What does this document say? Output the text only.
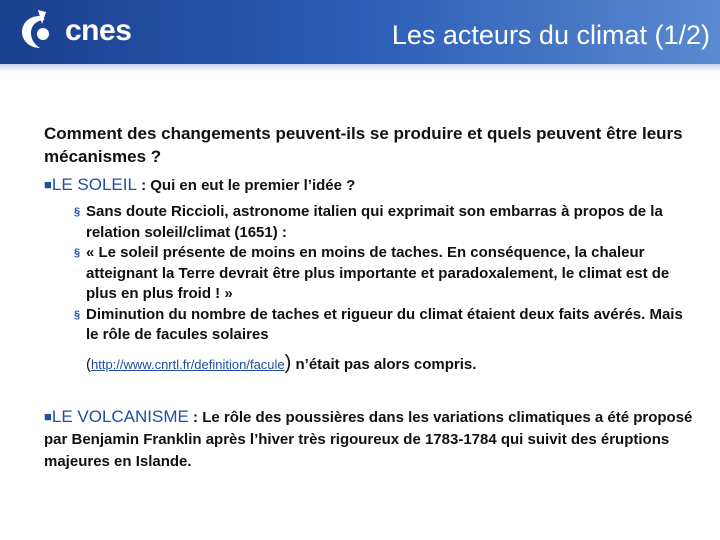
cnes	Les acteurs du climat (1/2)

Comment des changements peuvent-ils se produire et quels peuvent être leurs mécanismes ?

■LE SOLEIL : Qui en eut le premier l’idée ?

§ Sans doute Riccioli, astronome italien qui exprimait son embarras à propos de la relation soleil/climat (1651) :
§ « Le soleil présente de moins en moins de taches. En conséquence, la chaleur atteignant la Terre devrait être plus importante et paradoxalement, le climat est de plus en plus froid ! »
§ Diminution du nombre de taches et rigueur du climat étaient deux faits avérés. Mais le rôle de facules solaires

(http://www.cnrtl.fr/definition/facule) n’était pas alors compris.

■LE VOLCANISME : Le rôle des poussières dans les variations climatiques a été proposé par Benjamin Franklin après l’hiver très rigoureux de 1783-1784 qui suivit des éruptions majeures en Islande.
